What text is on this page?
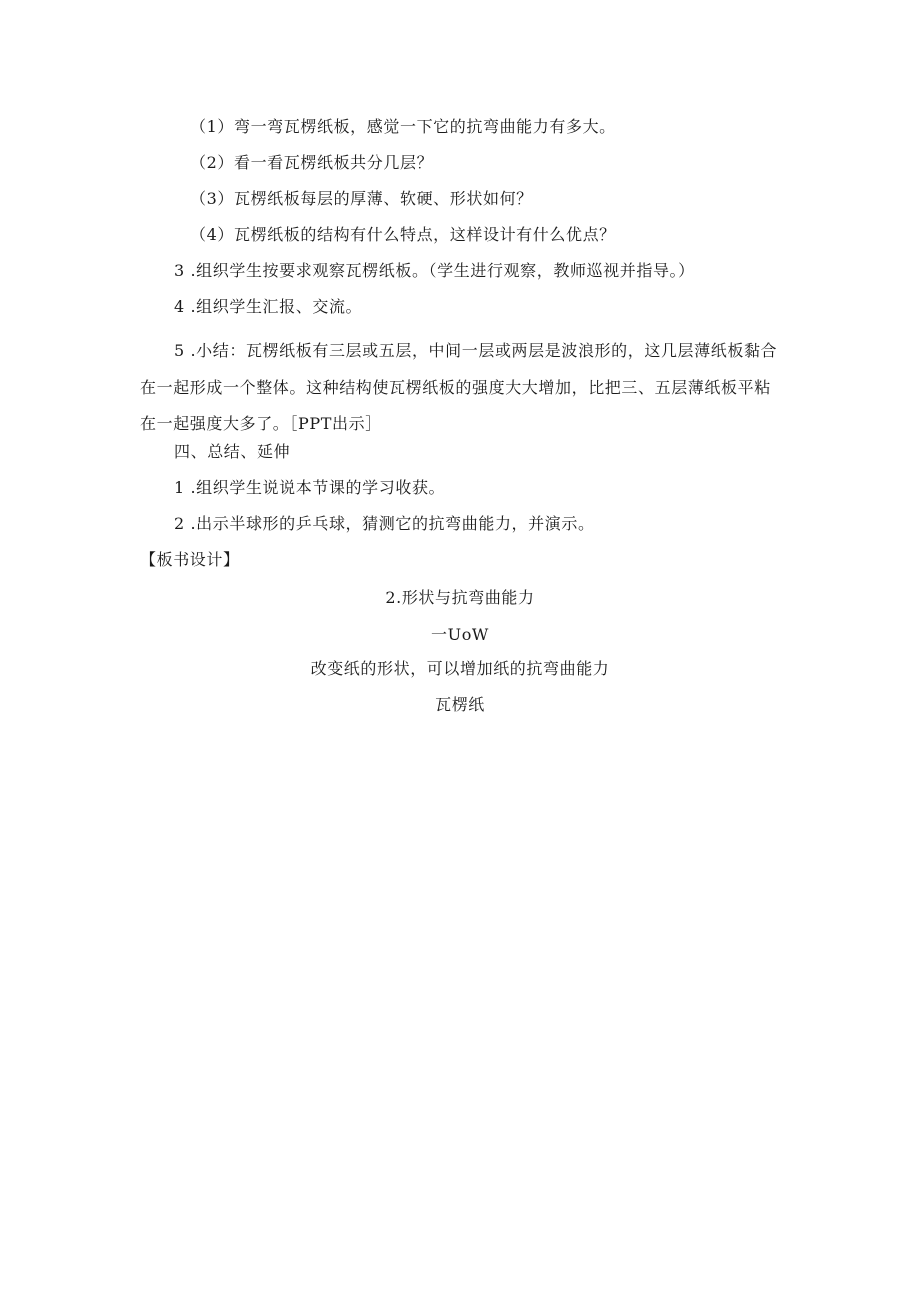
（1）弯一弯瓦楞纸板，感觉一下它的抗弯曲能力有多大。
（2）看一看瓦楞纸板共分几层？
（3）瓦楞纸板每层的厚薄、软硬、形状如何？
（4）瓦楞纸板的结构有什么特点，这样设计有什么优点？
3 .组织学生按要求观察瓦楞纸板。（学生进行观察，教师巡视并指导。）
4 .组织学生汇报、交流。
5 .小结：瓦楞纸板有三层或五层，中间一层或两层是波浪形的，这几层薄纸板黏合在一起形成一个整体。这种结构使瓦楞纸板的强度大大增加，比把三、五层薄纸板平粘在一起强度大多了。［PPT出示］
四、总结、延伸
1 .组织学生说说本节课的学习收获。
2 .出示半球形的乒乓球，猜测它的抗弯曲能力，并演示。
【板书设计】
2.形状与抗弯曲能力
一UoW
改变纸的形状，可以增加纸的抗弯曲能力
瓦楞纸
